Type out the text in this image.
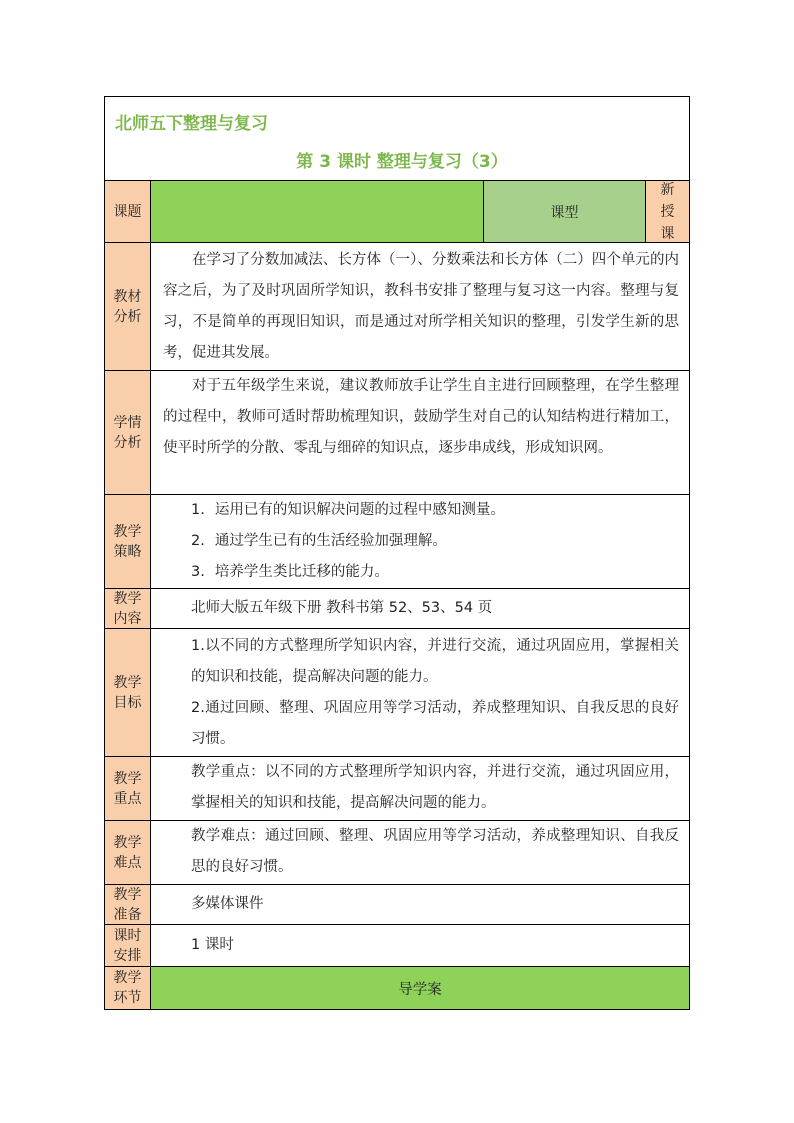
北师五下整理与复习
第 3 课时 整理与复习（3）
课题	课型
新
授
课
教材
分析

在学习了分数加减法、长方体（一）、分数乘法和长方体（二）四个单元的内容之后，为了及时巩固所学知识，教科书安排了整理与复习这一内容。整理与复习，不是简单的再现旧知识，而是通过对所学相关知识的整理，引发学生新的思考，促进其发展。

学情
分析

对于五年级学生来说，建议教师放手让学生自主进行回顾整理，在学生整理的过程中，教师可适时帮助梳理知识，鼓励学生对自己的认知结构进行精加工，使平时所学的分散、零乱与细碎的知识点，逐步串成线，形成知识网。

教学
策略

1. 运用已有的知识解决问题的过程中感知测量。

2. 通过学生已有的生活经验加强理解。

3. 培养学生类比迁移的能力。

教学
内容
北师大版五年级下册 教科书第 52、53、54 页
教学
目标

1.以不同的方式整理所学知识内容，并进行交流，通过巩固应用，掌握相关的知识和技能，提高解决问题的能力。

2.通过回顾、整理、巩固应用等学习活动，养成整理知识、自我反思的良好习惯。

教学
重点

教学重点：以不同的方式整理所学知识内容，并进行交流，通过巩固应用，掌握相关的知识和技能，提高解决问题的能力。

教学
难点

教学难点：通过回顾、整理、巩固应用等学习活动，养成整理知识、自我反思的良好习惯。

教学
准备
多媒体课件
课时
安排
1 课时
教学
环节
导学案
